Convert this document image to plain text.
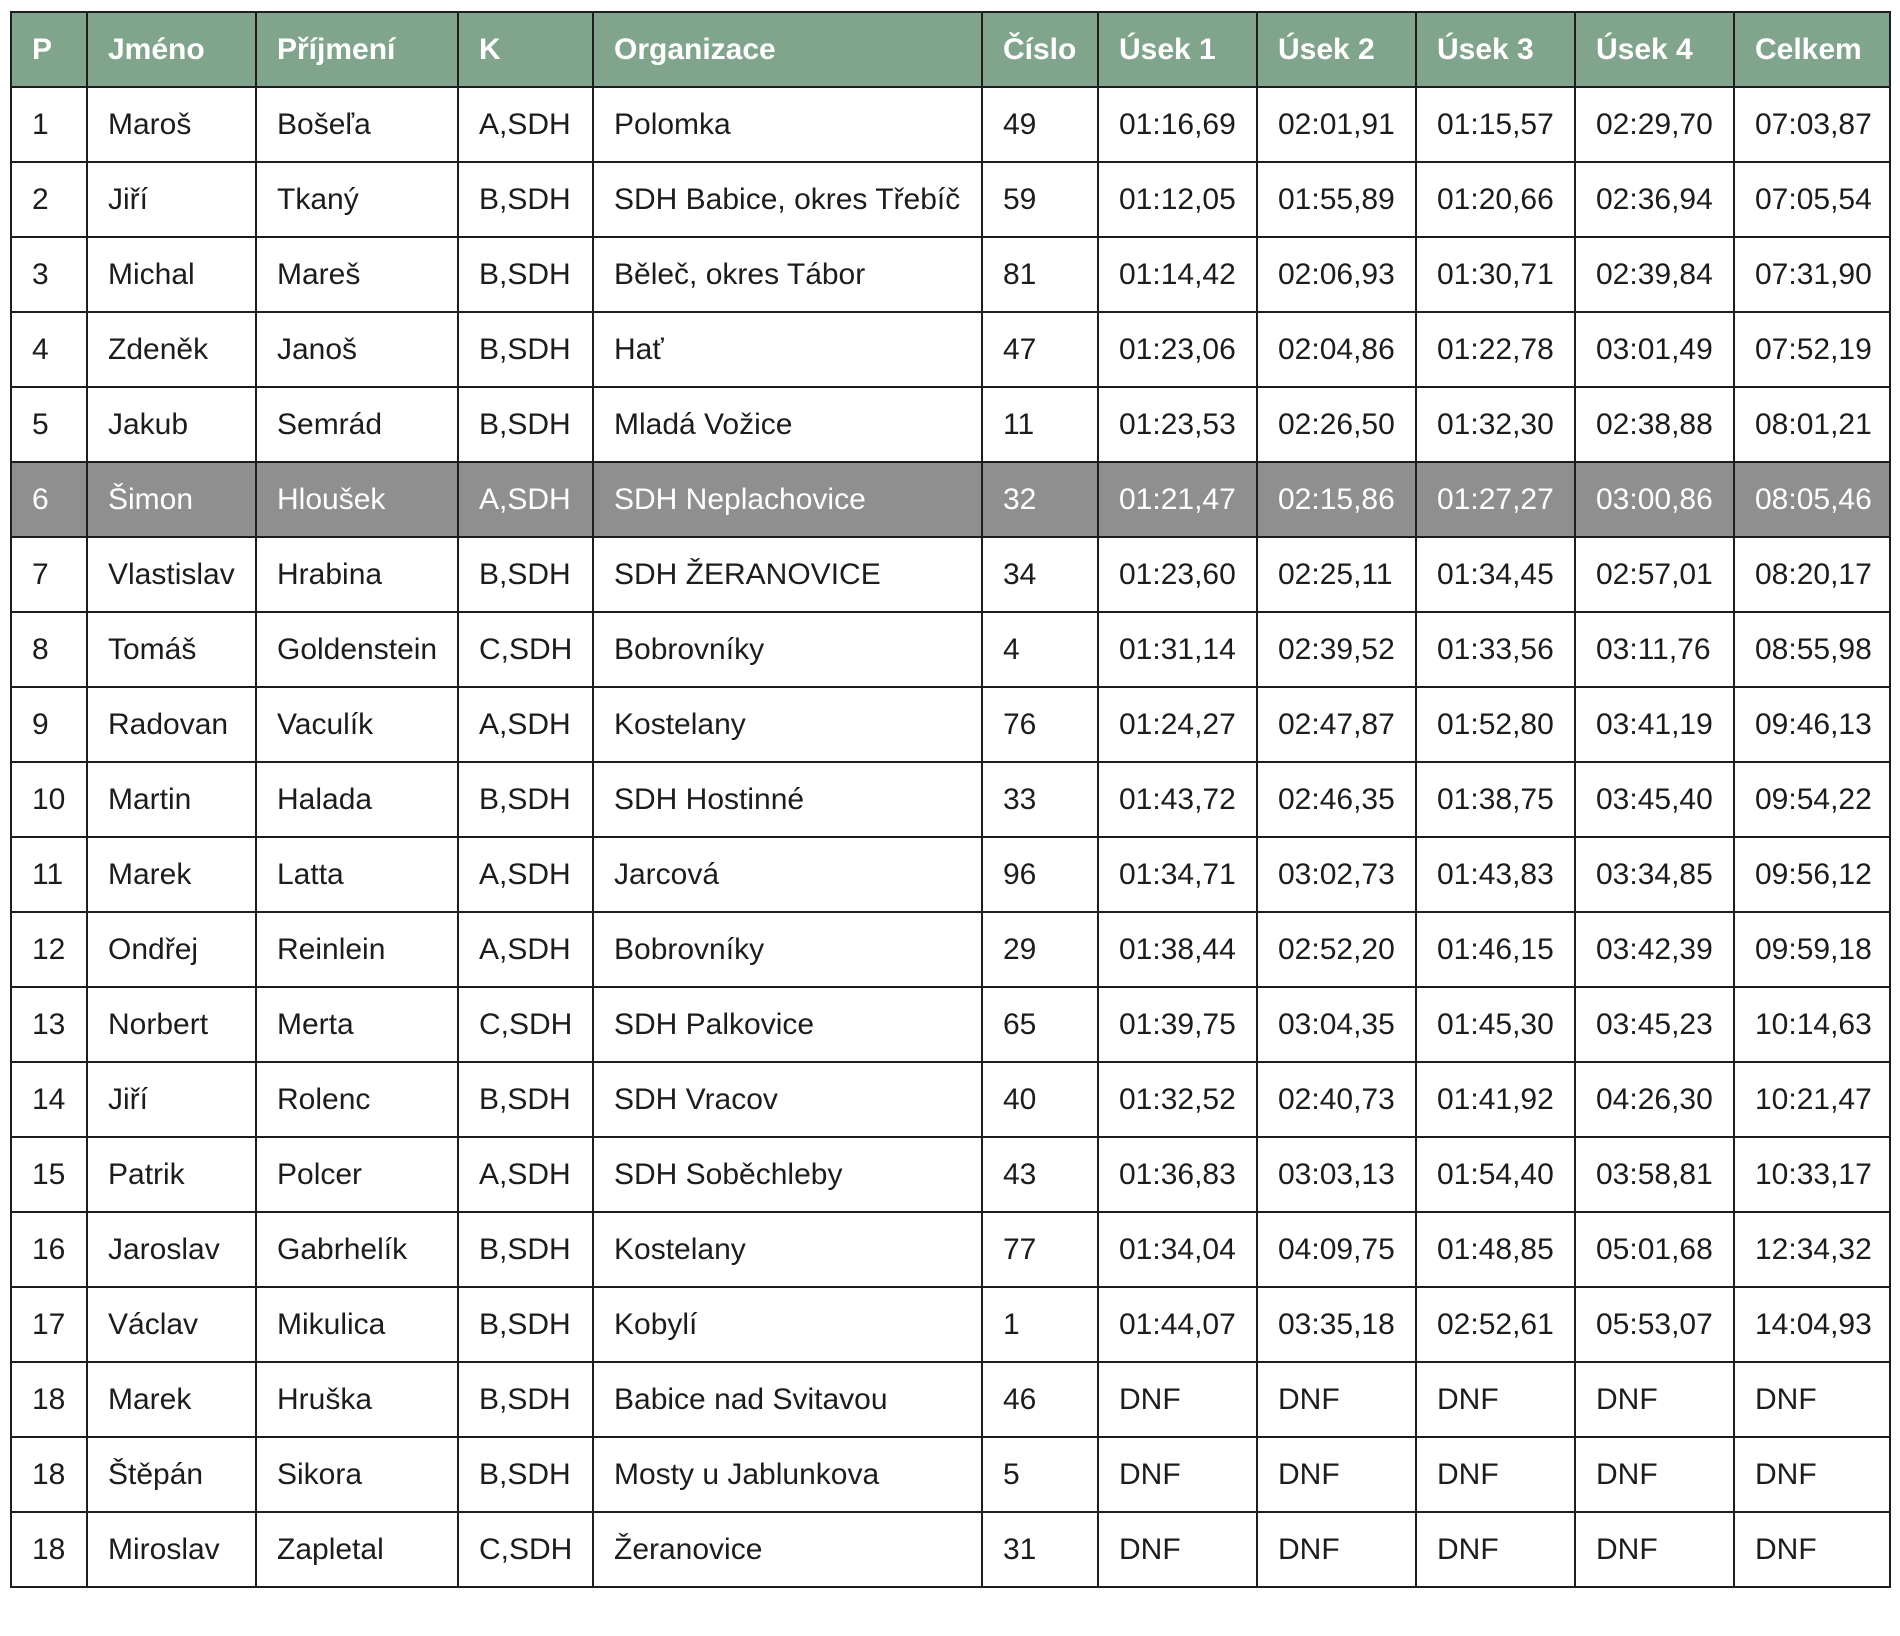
P	Jméno	Příjmení	K	Organizace	Číslo	Úsek 1	Úsek 2	Úsek 3	Úsek 4	Celkem
1	Maroš	Bošeľa	A,SDH	Polomka	49	01:16,69	02:01,91	01:15,57	02:29,70	07:03,87
2	Jiří	Tkaný	B,SDH	SDH Babice, okres Třebíč	59	01:12,05	01:55,89	01:20,66	02:36,94	07:05,54
3	Michal	Mareš	B,SDH	Běleč, okres Tábor	81	01:14,42	02:06,93	01:30,71	02:39,84	07:31,90
4	Zdeněk	Janoš	B,SDH	Hať	47	01:23,06	02:04,86	01:22,78	03:01,49	07:52,19
5	Jakub	Semrád	B,SDH	Mladá Vožice	11	01:23,53	02:26,50	01:32,30	02:38,88	08:01,21
6	Šimon	Hloušek	A,SDH	SDH Neplachovice	32	01:21,47	02:15,86	01:27,27	03:00,86	08:05,46
7	Vlastislav	Hrabina	B,SDH	SDH ŽERANOVICE	34	01:23,60	02:25,11	01:34,45	02:57,01	08:20,17
8	Tomáš	Goldenstein	C,SDH	Bobrovníky	4	01:31,14	02:39,52	01:33,56	03:11,76	08:55,98
9	Radovan	Vaculík	A,SDH	Kostelany	76	01:24,27	02:47,87	01:52,80	03:41,19	09:46,13
10	Martin	Halada	B,SDH	SDH Hostinné	33	01:43,72	02:46,35	01:38,75	03:45,40	09:54,22
11	Marek	Latta	A,SDH	Jarcová	96	01:34,71	03:02,73	01:43,83	03:34,85	09:56,12
12	Ondřej	Reinlein	A,SDH	Bobrovníky	29	01:38,44	02:52,20	01:46,15	03:42,39	09:59,18
13	Norbert	Merta	C,SDH	SDH Palkovice	65	01:39,75	03:04,35	01:45,30	03:45,23	10:14,63
14	Jiří	Rolenc	B,SDH	SDH Vracov	40	01:32,52	02:40,73	01:41,92	04:26,30	10:21,47
15	Patrik	Polcer	A,SDH	SDH Soběchleby	43	01:36,83	03:03,13	01:54,40	03:58,81	10:33,17
16	Jaroslav	Gabrhelík	B,SDH	Kostelany	77	01:34,04	04:09,75	01:48,85	05:01,68	12:34,32
17	Václav	Mikulica	B,SDH	Kobylí	1	01:44,07	03:35,18	02:52,61	05:53,07	14:04,93
18	Marek	Hruška	B,SDH	Babice nad Svitavou	46	DNF	DNF	DNF	DNF	DNF
18	Štěpán	Sikora	B,SDH	Mosty u Jablunkova	5	DNF	DNF	DNF	DNF	DNF
18	Miroslav	Zapletal	C,SDH	Žeranovice	31	DNF	DNF	DNF	DNF	DNF
